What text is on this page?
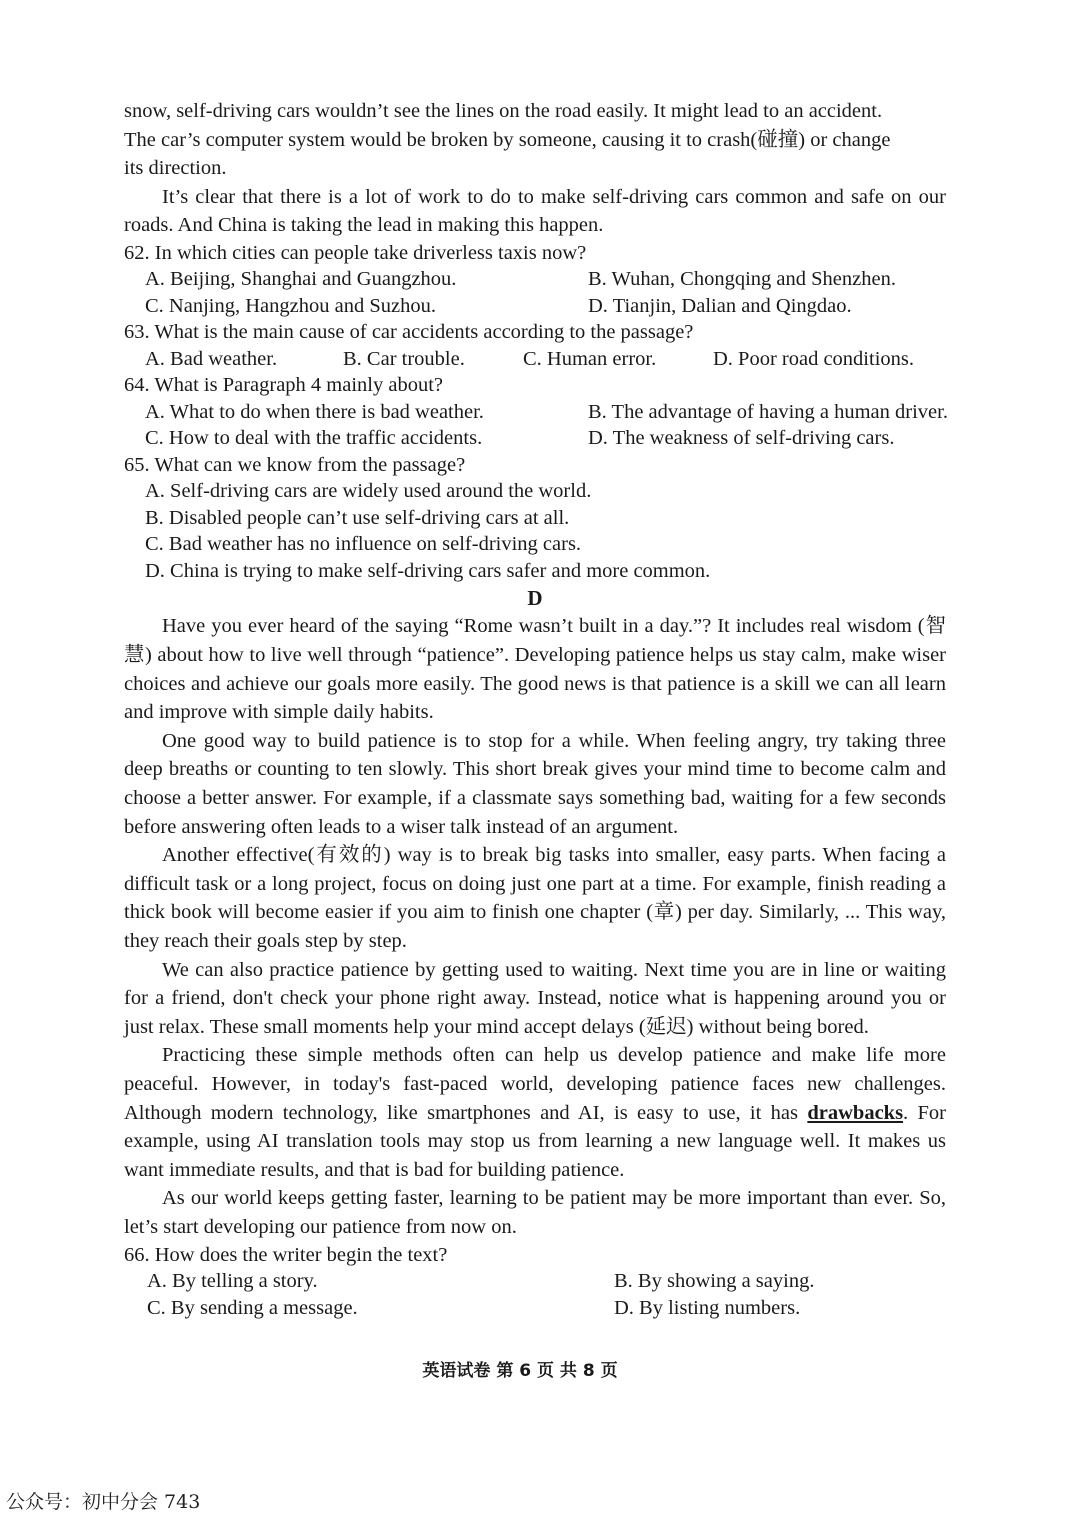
snow, self-driving cars wouldn’t see the lines on the road easily. It might lead to an accident.
The car’s computer system would be broken by someone, causing it to crash(碰撞) or change
its direction.

It’s clear that there is a lot of work to do to make self-driving cars common and safe on our roads. And China is taking the lead in making this happen.

62. In which cities can people take driverless taxis now?
A. Beijing, Shanghai and Guangzhou.	B. Wuhan, Chongqing and Shenzhen.
C. Nanjing, Hangzhou and Suzhou.	D. Tianjin, Dalian and Qingdao.
63. What is the main cause of car accidents according to the passage?
A. Bad weather.	B. Car trouble.	C. Human error.	D. Poor road conditions.
64. What is Paragraph 4 mainly about?
A. What to do when there is bad weather.	B. The advantage of having a human driver.
C. How to deal with the traffic accidents.	D. The weakness of self-driving cars.
65. What can we know from the passage?
A. Self-driving cars are widely used around the world.
B. Disabled people can’t use self-driving cars at all.
C. Bad weather has no influence on self-driving cars.
D. China is trying to make self-driving cars safer and more common.
D

Have you ever heard of the saying “Rome wasn’t built in a day.”? It includes real wisdom (智慧) about how to live well through “patience”. Developing patience helps us stay calm, make wiser choices and achieve our goals more easily. The good news is that patience is a skill we can all learn and improve with simple daily habits.

One good way to build patience is to stop for a while. When feeling angry, try taking three deep breaths or counting to ten slowly. This short break gives your mind time to become calm and choose a better answer. For example, if a classmate says something bad, waiting for a few seconds before answering often leads to a wiser talk instead of an argument.

Another effective(有效的) way is to break big tasks into smaller, easy parts. When facing a difficult task or a long project, focus on doing just one part at a time. For example, finish reading a thick book will become easier if you aim to finish one chapter (章) per day. Similarly, ... This way, they reach their goals step by step.

We can also practice patience by getting used to waiting. Next time you are in line or waiting for a friend, don't check your phone right away. Instead, notice what is happening around you or just relax. These small moments help your mind accept delays (延迟) without being bored.

Practicing these simple methods often can help us develop patience and make life more peaceful. However, in today's fast-paced world, developing patience faces new challenges. Although modern technology, like smartphones and AI, is easy to use, it has drawbacks. For example, using AI translation tools may stop us from learning a new language well. It makes us want immediate results, and that is bad for building patience.

As our world keeps getting faster, learning to be patient may be more important than ever. So, let’s start developing our patience from now on.

66. How does the writer begin the text?
A. By telling a story.	B. By showing a saying.
C. By sending a message.	D. By listing numbers.
英语试卷 第 6 页 共 8 页
公众号：初中分会 743
